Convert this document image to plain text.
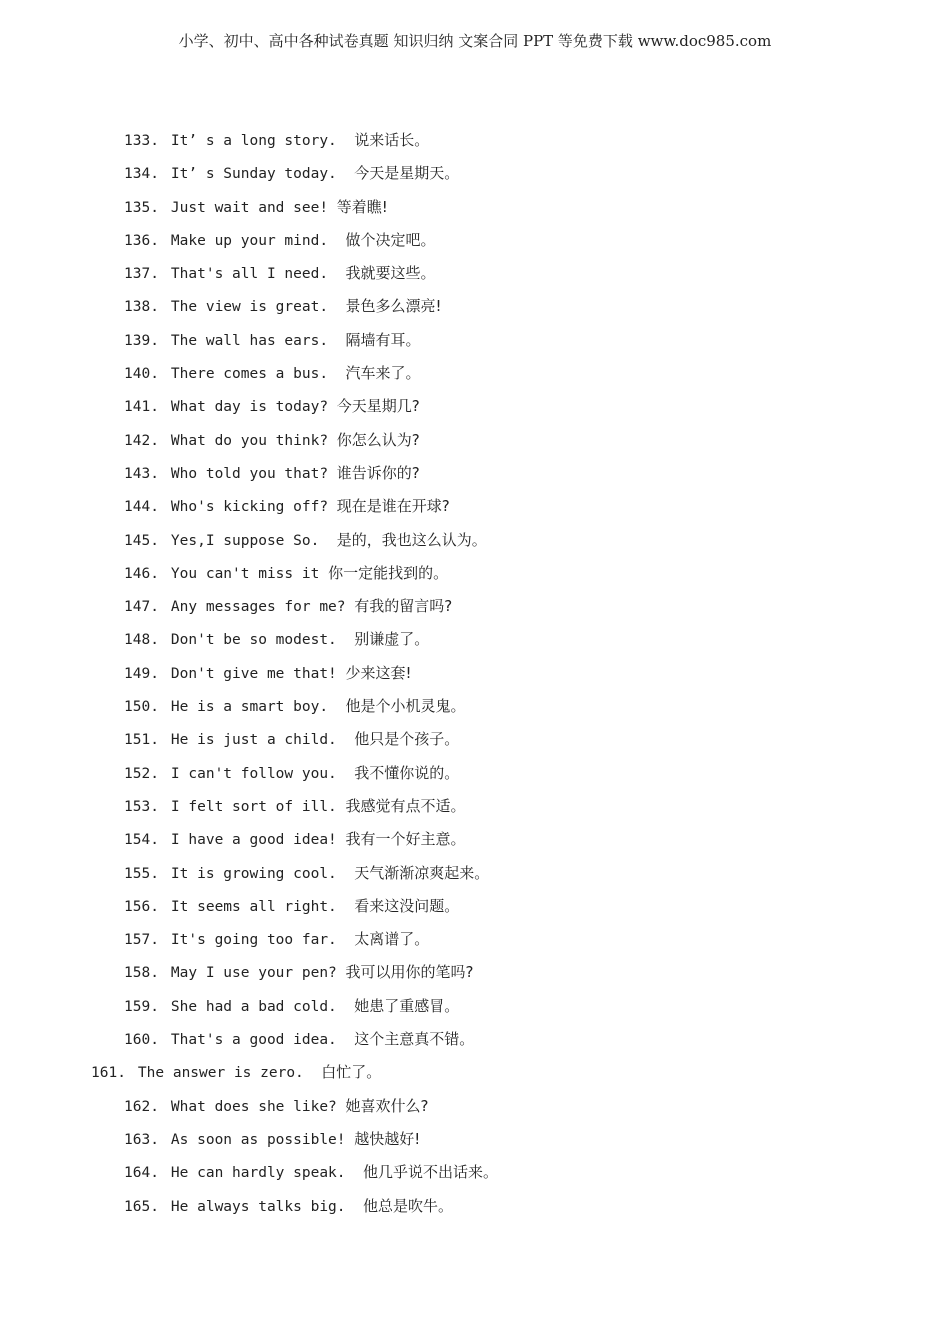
小学、初中、高中各种试卷真题 知识归纳 文案合同 PPT 等免费下载 www.doc985.com
133. It’ s a long story.  说来话长。
134. It’ s Sunday today.  今天是星期天。
135. Just wait and see! 等着瞧!
136. Make up your mind.  做个决定吧。
137. That's all I need.  我就要这些。
138. The view is great.  景色多么漂亮!
139. The wall has ears.  隔墙有耳。
140. There comes a bus.  汽车来了。
141. What day is today? 今天星期几?
142. What do you think? 你怎么认为?
143. Who told you that? 谁告诉你的?
144. Who's kicking off? 现在是谁在开球?
145. Yes,I suppose So.  是的，我也这么认为。
146. You can't miss it 你一定能找到的。
147. Any messages for me? 有我的留言吗?
148. Don't be so modest.  别谦虚了。
149. Don't give me that! 少来这套!
150. He is a smart boy.  他是个小机灵鬼。
151. He is just a child.  他只是个孩子。
152. I can't follow you.  我不懂你说的。
153. I felt sort of ill. 我感觉有点不适。
154. I have a good idea! 我有一个好主意。
155. It is growing cool.  天气渐渐凉爽起来。
156. It seems all right.  看来这没问题。
157. It's going too far.  太离谱了。
158. May I use your pen? 我可以用你的笔吗?
159. She had a bad cold.  她患了重感冒。
160. That's a good idea.  这个主意真不错。
161. The answer is zero.  白忙了。
162. What does she like? 她喜欢什么?
163. As soon as possible! 越快越好!
164. He can hardly speak.  他几乎说不出话来。
165. He always talks big.  他总是吹牛。
